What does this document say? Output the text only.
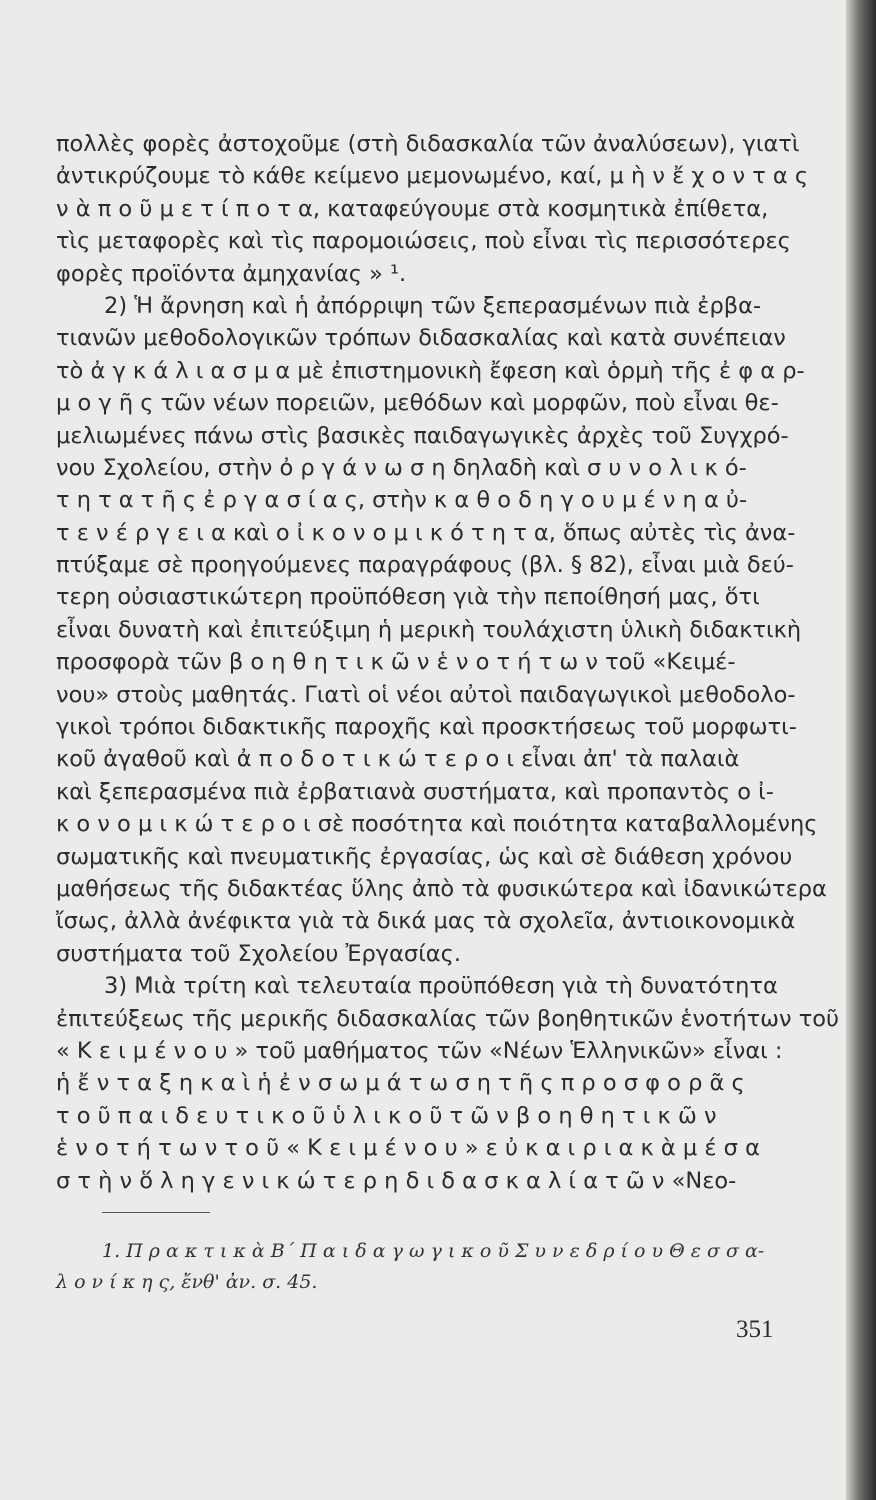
πολλὲς φορὲς ἀστοχοῦμε (στὴ διδασκαλία τῶν ἀναλύσεων), γιατὶ
ἀντικρύζουμε τὸ κάθε κείμενο μεμονωμένο, καί, μ ὴ ν ἔ χ ο ν τ α ς
ν ὰ π ο ῦ μ ε τ ί π ο τ α, καταφεύγουμε στὰ κοσμητικὰ ἐπίθετα,
τὶς μεταφορὲς καὶ τὶς παρομοιώσεις, ποὺ εἶναι τὶς περισσότερες
φορὲς προϊόντα ἀμηχανίας » ¹.
2) Ἡ ἄρνηση καὶ ἡ ἀπόρριψη τῶν ξεπερασμένων πιὰ ἐρβα-
τιανῶν μεθοδολογικῶν τρόπων διδασκαλίας καὶ κατὰ συνέπειαν
τὸ ἀ γ κ ά λ ι α σ μ α μὲ ἐπιστημονικὴ ἔφεση καὶ ὁρμὴ τῆς ἐ φ α ρ-
μ ο γ ῆ ς τῶν νέων πορειῶν, μεθόδων καὶ μορφῶν, ποὺ εἶναι θε-
μελιωμένες πάνω στὶς βασικὲς παιδαγωγικὲς ἀρχὲς τοῦ Συγχρό-
νου Σχολείου, στὴν ὀ ρ γ ά ν ω σ η δηλαδὴ καὶ σ υ ν ο λ ι κ ό-
τ η τ α τ ῆ ς ἐ ρ γ α σ ί α ς, στὴν κ α θ ο δ η γ ο υ μ έ ν η α ὐ-
τ ε ν έ ρ γ ε ι α καὶ ο ἰ κ ο ν ο μ ι κ ό τ η τ α, ὅπως αὐτὲς τὶς ἀνα-
πτύξαμε σὲ προηγούμενες παραγράφους (βλ. § 82), εἶναι μιὰ δεύ-
τερη οὐσιαστικώτερη προϋπόθεση γιὰ τὴν πεποίθησή μας, ὅτι
εἶναι δυνατὴ καὶ ἐπιτεύξιμη ἡ μερικὴ τουλάχιστη ὑλικὴ διδακτικὴ
προσφορὰ τῶν β ο η θ η τ ι κ ῶ ν ἑ ν ο τ ή τ ω ν τοῦ «Κειμέ-
νου» στοὺς μαθητάς. Γιατὶ οἱ νέοι αὐτοὶ παιδαγωγικοὶ μεθοδολο-
γικοὶ τρόποι διδακτικῆς παροχῆς καὶ προσκτήσεως τοῦ μορφωτι-
κοῦ ἀγαθοῦ καὶ ἀ π ο δ ο τ ι κ ώ τ ε ρ ο ι εἶναι ἀπ' τὰ παλαιὰ
καὶ ξεπερασμένα πιὰ ἐρβατιανὰ συστήματα, καὶ προπαντὸς ο ἰ-
κ ο ν ο μ ι κ ώ τ ε ρ ο ι σὲ ποσότητα καὶ ποιότητα καταβαλλομένης
σωματικῆς καὶ πνευματικῆς ἐργασίας, ὡς καὶ σὲ διάθεση χρόνου
μαθήσεως τῆς διδακτέας ὕλης ἀπὸ τὰ φυσικώτερα καὶ ἰδανικώτερα
ἴσως, ἀλλὰ ἀνέφικτα γιὰ τὰ δικά μας τὰ σχολεῖα, ἀντιοικονομικὰ
συστήματα τοῦ Σχολείου Ἐργασίας.
3) Μιὰ τρίτη καὶ τελευταία προϋπόθεση γιὰ τὴ δυνατότητα
ἐπιτεύξεως τῆς μερικῆς διδασκαλίας τῶν βοηθητικῶν ἑνοτήτων τοῦ
« Κ ε ι μ έ ν ο υ » τοῦ μαθήματος τῶν «Νέων Ἑλληνικῶν» εἶναι :
ἡ ἔ ν τ α ξ η κ α ὶ ἡ ἐ ν σ ω μ ά τ ω σ η τ ῆ ς π ρ ο σ φ ο ρ ᾶ ς
τ ο ῦ π α ι δ ε υ τ ι κ ο ῦ ὑ λ ι κ ο ῦ τ ῶ ν β ο η θ η τ ι κ ῶ ν
ἑ ν ο τ ή τ ω ν τ ο ῦ « Κ ε ι μ έ ν ο υ » ε ὐ κ α ι ρ ι α κ ὰ μ έ σ α
σ τ ὴ ν ὅ λ η γ ε ν ι κ ώ τ ε ρ η δ ι δ α σ κ α λ ί α τ ῶ ν «Νεο-
1. Π ρ α κ τ ι κ ὰ Β΄ Π α ι δ α γ ω γ ι κ ο ῦ Σ υ ν ε δ ρ ί ο υ Θ ε σ σ α-
λ ο ν ί κ η ς, ἔνθ' ἀν. σ. 45.
351
